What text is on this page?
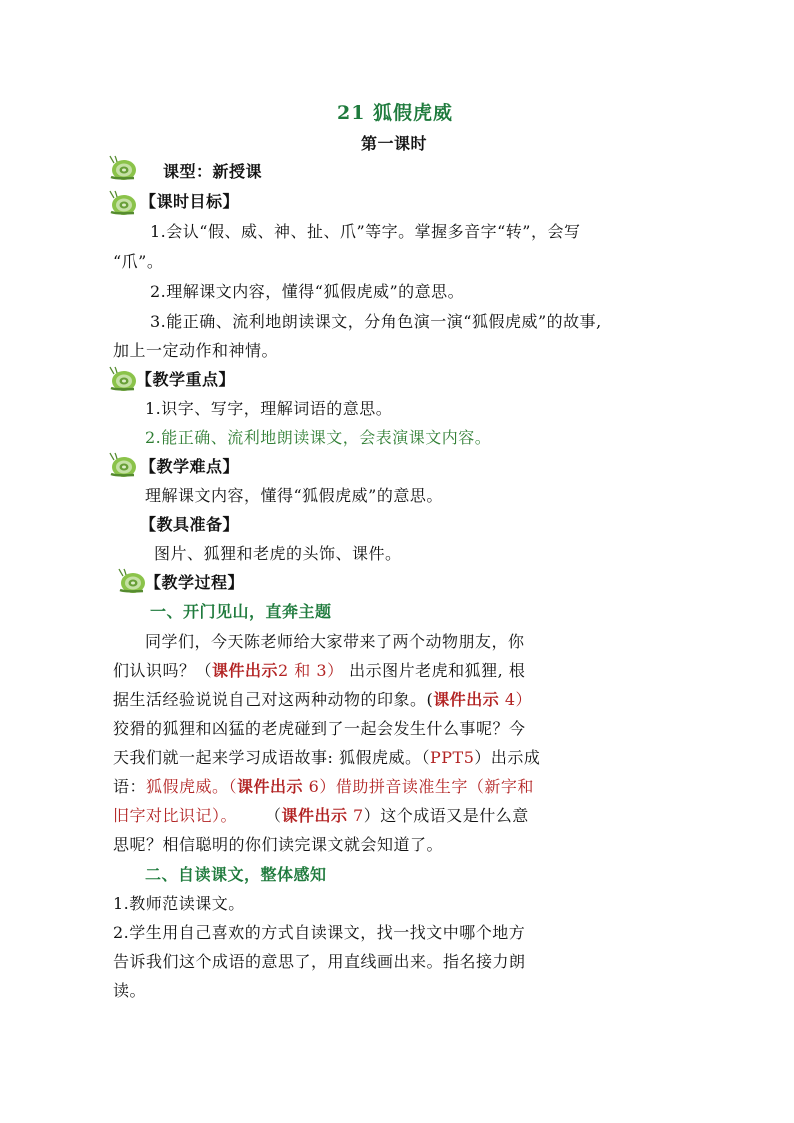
21 狐假虎威
第一课时
课型：新授课
【课时目标】
1.会认“假、威、神、扯、爪”等字。掌握多音字“转”，会写
“爪”。
2.理解课文内容，懂得“狐假虎威”的意思。
3.能正确、流利地朗读课文，分角色演一演“狐假虎威”的故事,
加上一定动作和神情。
【教学重点】
1.识字、写字，理解词语的意思。
2.能正确、流利地朗读课文，会表演课文内容。
【教学难点】
理解课文内容，懂得“狐假虎威”的意思。
【教具准备】
图片、狐狸和老虎的头饰、课件。
【教学过程】
一、开门见山，直奔主题
同学们，今天陈老师给大家带来了两个动物朋友，你
们认识吗？（课件出示2 和 3） 出示图片老虎和狐狸, 根
据生活经验说说自己对这两种动物的印象。(课件出示 4）
狡猾的狐狸和凶猛的老虎碰到了一起会发生什么事呢？今
天我们就一起来学习成语故事: 狐假虎威。（PPT5）出示成
语：狐假虎威。（课件出示 6）借助拼音读准生字（新字和
旧字对比识记）。     （课件出示 7）这个成语又是什么意
思呢？相信聪明的你们读完课文就会知道了。
二、自读课文，整体感知
1.教师范读课文。
2.学生用自己喜欢的方式自读课文，找一找文中哪个地方
告诉我们这个成语的意思了，用直线画出来。指名接力朗
读。
